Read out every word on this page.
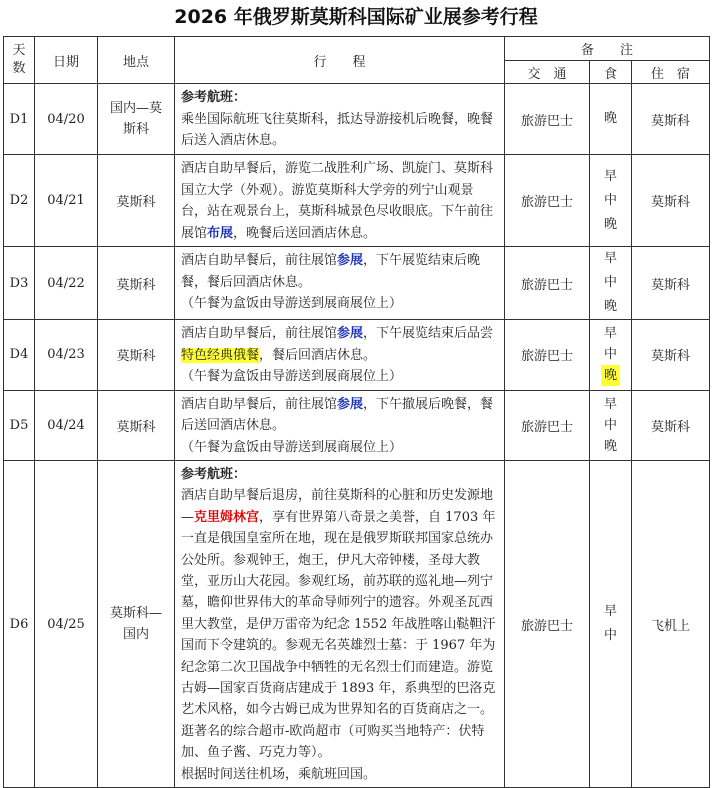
2026 年俄罗斯莫斯科国际矿业展参考行程
天数	日期	地点	行　　程	备　　注		
				交　通	食	住　宿
D1	04/20	国内—莫斯科	参考航班：
乘坐国际航班飞往莫斯科，抵达导游接机后晚餐，晚餐后送入酒店休息。	旅游巴士	晚	莫斯科
D2	04/21	莫斯科	酒店自助早餐后，游览二战胜利广场、凯旋门、莫斯科国立大学（外观）。游览莫斯科大学旁的列宁山观景台，站在观景台上，莫斯科城景色尽收眼底。下午前往展馆布展，晚餐后送回酒店休息。	旅游巴士	早
中
晚	莫斯科
D3	04/22	莫斯科	酒店自助早餐后，前往展馆参展，下午展览结束后晚餐，餐后回酒店休息。
（午餐为盒饭由导游送到展商展位上）	旅游巴士	早
中
晚	莫斯科
D4	04/23	莫斯科	酒店自助早餐后，前往展馆参展，下午展览结束后品尝特色经典俄餐，餐后回酒店休息。
（午餐为盒饭由导游送到展商展位上）	旅游巴士	早
中
晚	莫斯科
D5	04/24	莫斯科	酒店自助早餐后，前往展馆参展，下午撤展后晚餐，餐后送回酒店休息。
（午餐为盒饭由导游送到展商展位上）	旅游巴士	早
中
晚	莫斯科
D6	04/25	莫斯科—国内	参考航班：
酒店自助早餐后退房，前往莫斯科的心脏和历史发源地—克里姆林宫，享有世界第八奇景之美誉，自 1703 年一直是俄国皇室所在地，现在是俄罗斯联邦国家总统办公处所。参观钟王，炮王，伊凡大帝钟楼，圣母大教堂，亚历山大花园。参观红场，前苏联的巡礼地—列宁墓，瞻仰世界伟大的革命导师列宁的遗容。外观圣瓦西里大教堂，是伊万雷帝为纪念 1552 年战胜喀山鞑靼汗国而下令建筑的。参观无名英雄烈士墓：于 1967 年为纪念第二次卫国战争中牺牲的无名烈士们而建造。游览古姆—国家百货商店建成于 1893 年，系典型的巴洛克艺术风格，如今古姆已成为世界知名的百货商店之一。逛著名的综合超市-欧尚超市（可购买当地特产：伏特加、鱼子酱、巧克力等）。
根据时间送往机场，乘航班回国。	旅游巴士	早
中	飞机上
